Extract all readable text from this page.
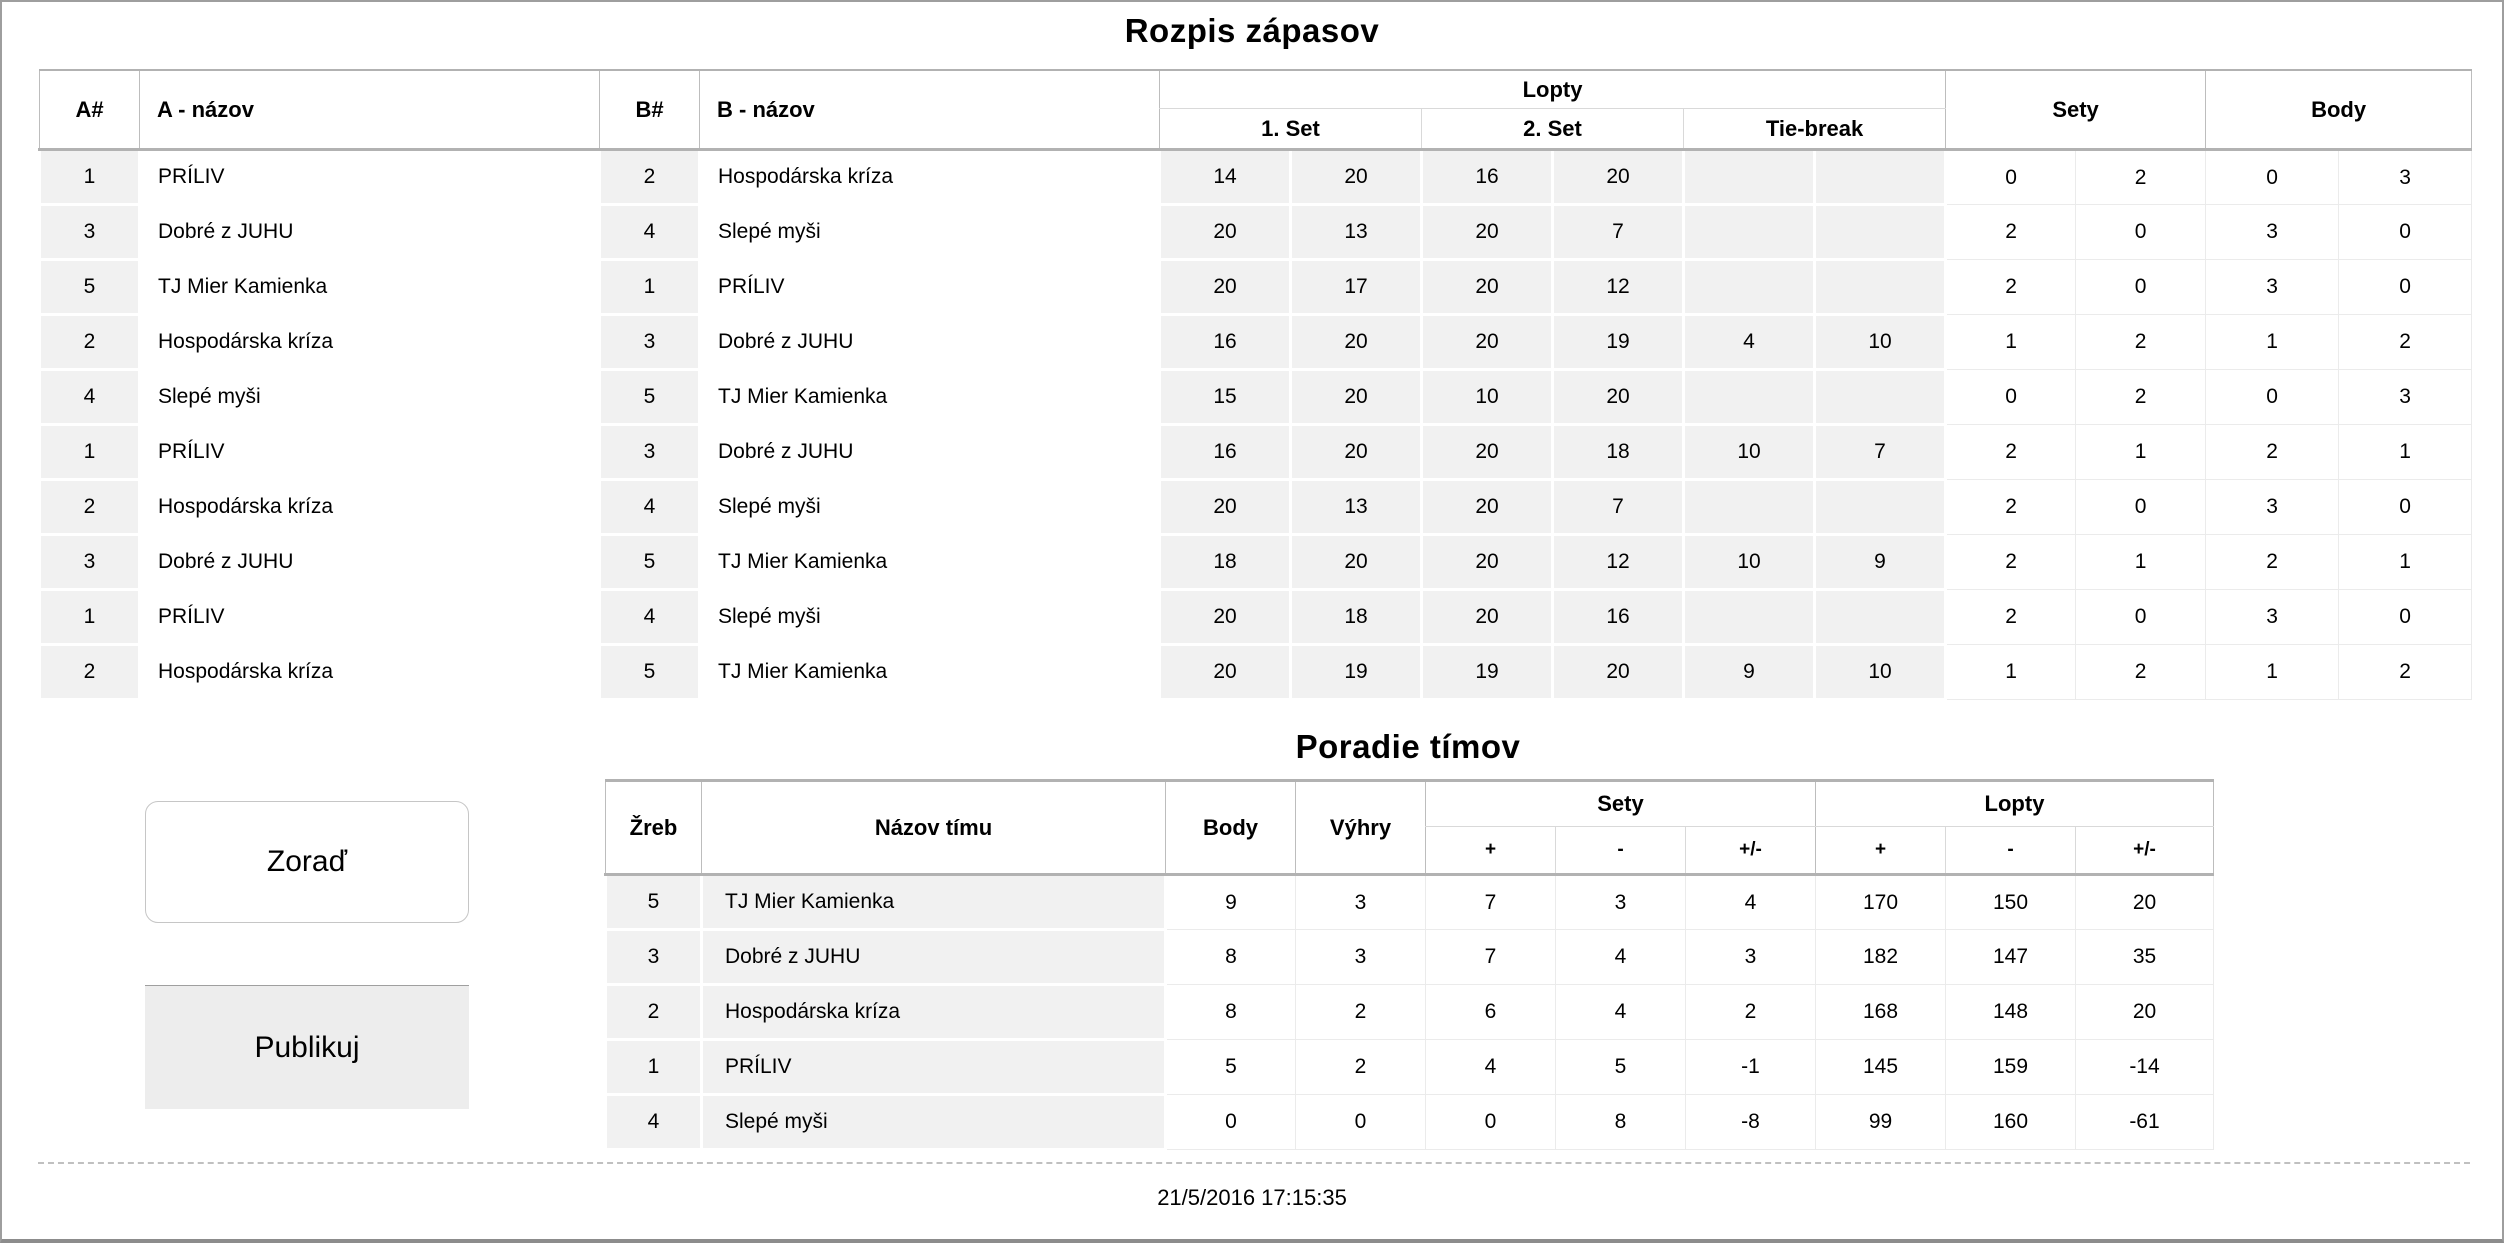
Rozpis zápasov
A#	A - názov	B#	B - názov	Lopty						Sety		Body	
				1. Set		2. Set		Tie-break					
1	PRÍLIV	2	Hospodárska kríza	14	20	16	20			0	2	0	3
3	Dobré z JUHU	4	Slepé myši	20	13	20	7			2	0	3	0
5	TJ Mier Kamienka	1	PRÍLIV	20	17	20	12			2	0	3	0
2	Hospodárska kríza	3	Dobré z JUHU	16	20	20	19	4	10	1	2	1	2
4	Slepé myši	5	TJ Mier Kamienka	15	20	10	20			0	2	0	3
1	PRÍLIV	3	Dobré z JUHU	16	20	20	18	10	7	2	1	2	1
2	Hospodárska kríza	4	Slepé myši	20	13	20	7			2	0	3	0
3	Dobré z JUHU	5	TJ Mier Kamienka	18	20	20	12	10	9	2	1	2	1
1	PRÍLIV	4	Slepé myši	20	18	20	16			2	0	3	0
2	Hospodárska kríza	5	TJ Mier Kamienka	20	19	19	20	9	10	1	2	1	2
Poradie tímov
Zoraď
Publikuj
Žreb	Názov tímu	Body	Výhry	Sety			Lopty		
				+	-	+/-	+	-	+/-
5	TJ Mier Kamienka	9	3	7	3	4	170	150	20
3	Dobré z JUHU	8	3	7	4	3	182	147	35
2	Hospodárska kríza	8	2	6	4	2	168	148	20
1	PRÍLIV	5	2	4	5	-1	145	159	-14
4	Slepé myši	0	0	0	8	-8	99	160	-61
21/5/2016 17:15:35
